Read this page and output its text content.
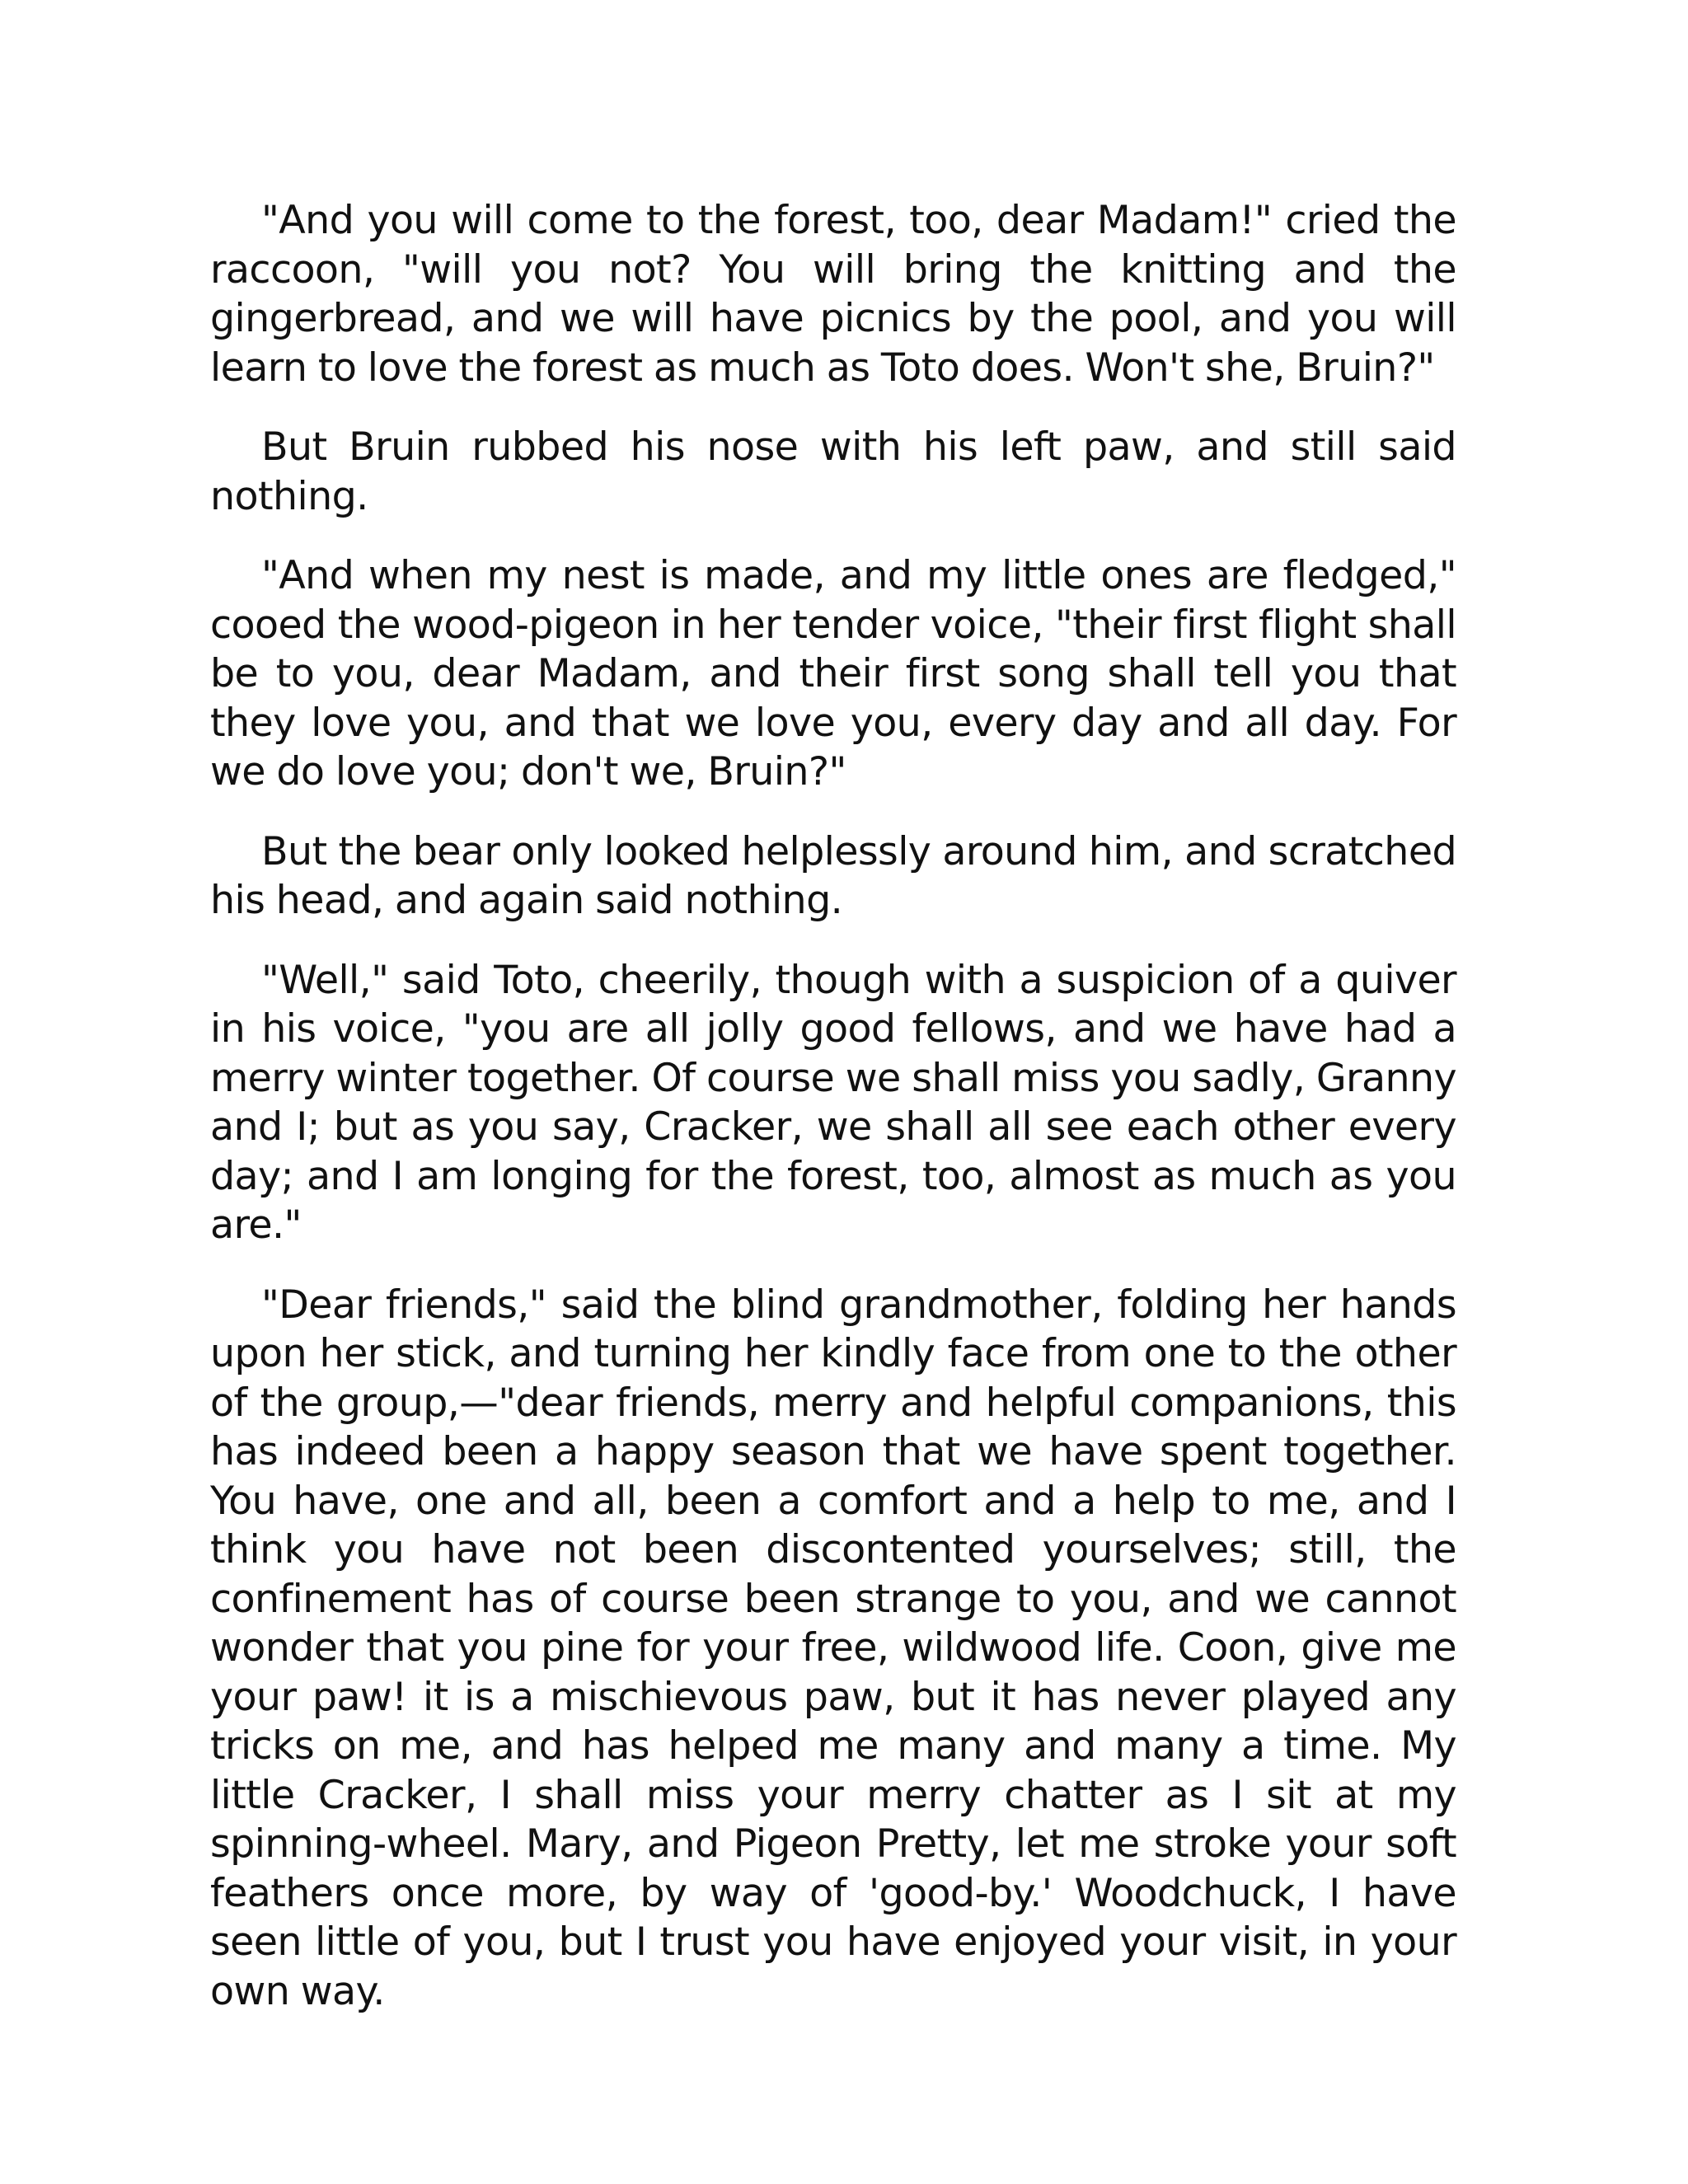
"And you will come to the forest, too, dear Madam!" cried the raccoon, "will you not? You will bring the knitting and the gingerbread, and we will have picnics by the pool, and you will learn to love the forest as much as Toto does. Won't she, Bruin?"

But Bruin rubbed his nose with his left paw, and still said nothing.

"And when my nest is made, and my little ones are fledged," cooed the wood-pigeon in her tender voice, "their first flight shall be to you, dear Madam, and their first song shall tell you that they love you, and that we love you, every day and all day. For we do love you; don't we, Bruin?"

But the bear only looked helplessly around him, and scratched his head, and again said nothing.

"Well," said Toto, cheerily, though with a suspicion of a quiver in his voice, "you are all jolly good fellows, and we have had a merry winter together. Of course we shall miss you sadly, Granny and I; but as you say, Cracker, we shall all see each other every day; and I am longing for the forest, too, almost as much as you are."

"Dear friends," said the blind grandmother, folding her hands upon her stick, and turning her kindly face from one to the other of the group,—"dear friends, merry and helpful companions, this has indeed been a happy season that we have spent together. You have, one and all, been a comfort and a help to me, and I think you have not been discontented yourselves; still, the confinement has of course been strange to you, and we cannot wonder that you pine for your free, wildwood life. Coon, give me your paw! it is a mischievous paw, but it has never played any tricks on me, and has helped me many and many a time. My little Cracker, I shall miss your merry chatter as I sit at my spinning-wheel. Mary, and Pigeon Pretty, let me stroke your soft feathers once more, by way of 'good-by.' Woodchuck, I have seen little of you, but I trust you have enjoyed your visit, in your own way.
